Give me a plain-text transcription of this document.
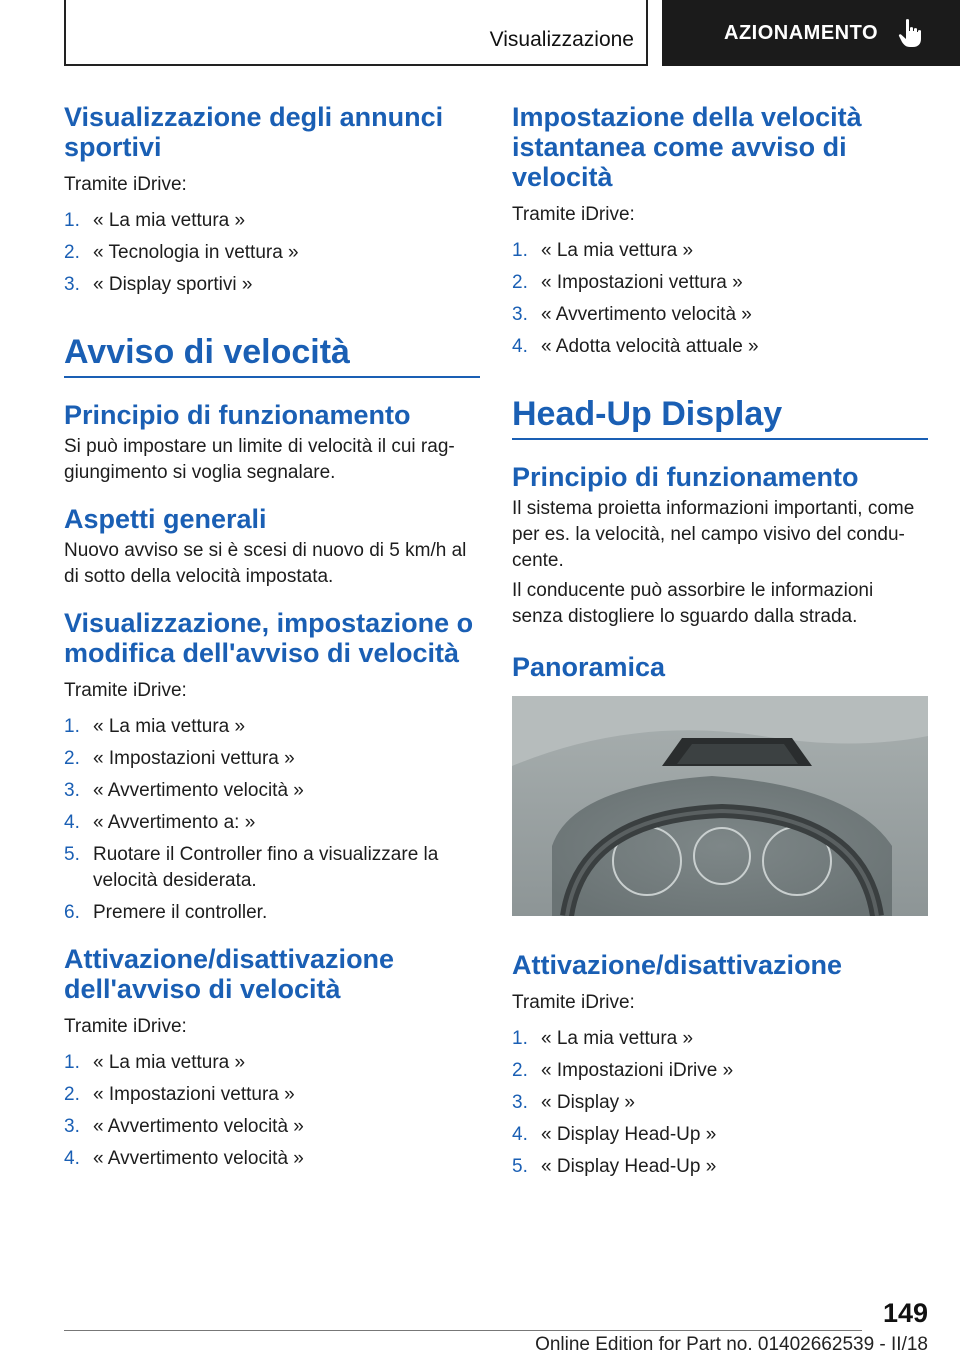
Visualizzazione	AZIONAMENTO
Visualizzazione degli annunci sportivi

Tramite iDrive:

1. « La mia vettura »
2. « Tecnologia in vettura »
3. « Display sportivi »
Avviso di velocità
Principio di funzionamento

Si può impostare un limite di velocità il cui raggiungimento si voglia segnalare.

Aspetti generali

Nuovo avviso se si è scesi di nuovo di 5 km/h al di sotto della velocità impostata.

Visualizzazione, impostazione o modifica dell'avviso di velocità

Tramite iDrive:

1. « La mia vettura »
2. « Impostazioni vettura »
3. « Avvertimento velocità »
4. « Avvertimento a: »
5. Ruotare il Controller fino a visualizzare la velocità desiderata.
6. Premere il controller.
Attivazione/disattivazione dell'avviso di velocità

Tramite iDrive:

1. « La mia vettura »
2. « Impostazioni vettura »
3. « Avvertimento velocità »
4. « Avvertimento velocità »
Impostazione della velocità istantanea come avviso di velocità

Tramite iDrive:

1. « La mia vettura »
2. « Impostazioni vettura »
3. « Avvertimento velocità »
4. « Adotta velocità attuale »
Head-Up Display
Principio di funzionamento

Il sistema proietta informazioni importanti, come per es. la velocità, nel campo visivo del conducente.

Il conducente può assorbire le informazioni senza distogliere lo sguardo dalla strada.

Panoramica
Attivazione/disattivazione

Tramite iDrive:

1. « La mia vettura »
2. « Impostazioni iDrive »
3. « Display »
4. « Display Head-Up »
5. « Display Head-Up »
149
Online Edition for Part no. 01402662539 - II/18
